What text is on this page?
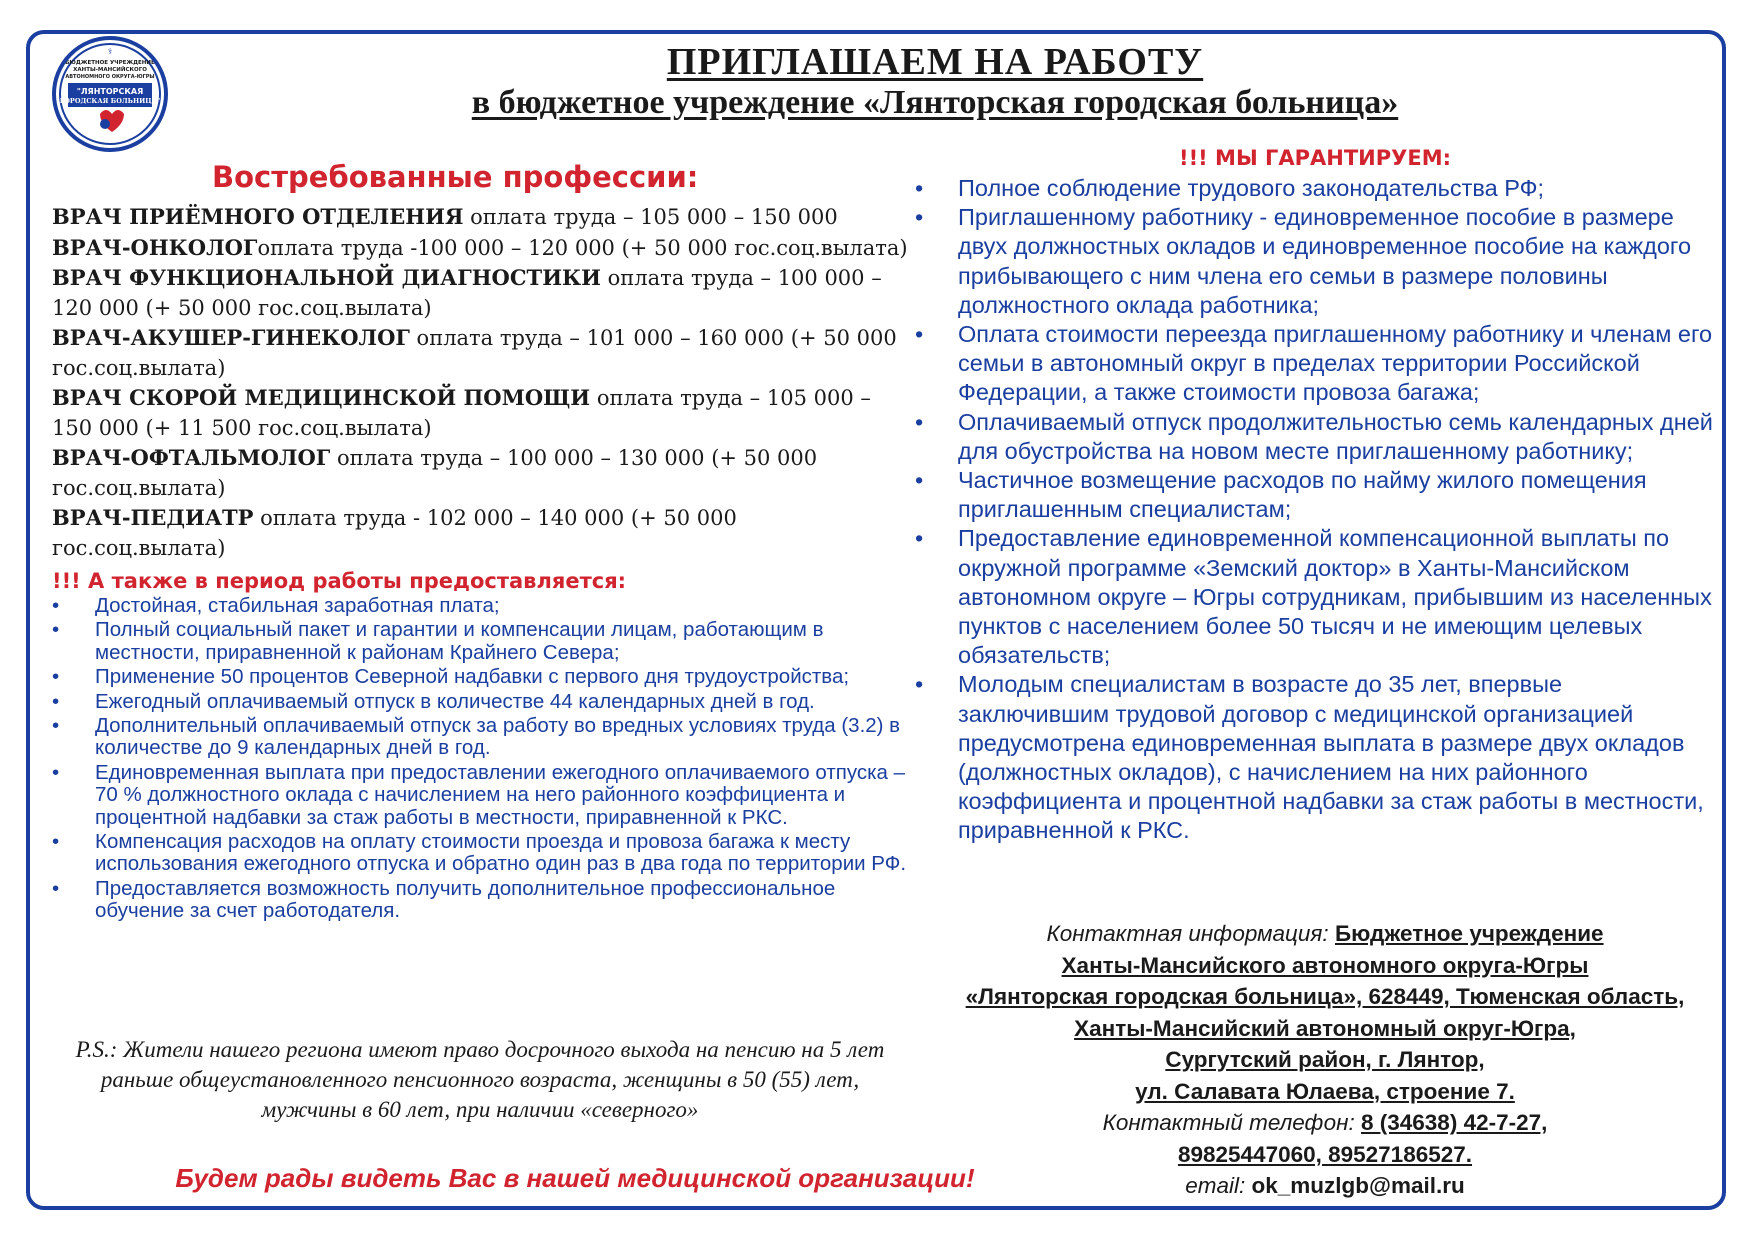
⚕
БЮДЖЕТНОЕ УЧРЕЖДЕНИЕ
ХАНТЫ-МАНСИЙСКОГО
АВТОНОМНОГО ОКРУГА-ЮГРЫ
"ЛЯНТОРСКАЯ
ГОРОДСКАЯ БОЛЬНИЦА"
ПРИГЛАШАЕМ НА РАБОТУ
в бюджетное учреждение «Лянторская городская больница»
Востребованные профессии:
ВРАЧ ПРИЁМНОГО ОТДЕЛЕНИЯ оплата труда – 105 000 – 150 000
ВРАЧ-ОНКОЛОГоплата труда -100 000 – 120 000 (+ 50 000 гос.соц.вылата)
ВРАЧ ФУНКЦИОНАЛЬНОЙ ДИАГНОСТИКИ оплата труда – 100 000 – 120 000 (+ 50 000 гос.соц.вылата)
ВРАЧ-АКУШЕР-ГИНЕКОЛОГ оплата труда – 101 000 – 160 000 (+ 50 000 гос.соц.вылата)
ВРАЧ СКОРОЙ МЕДИЦИНСКОЙ ПОМОЩИ оплата труда – 105 000 – 150 000 (+ 11 500 гос.соц.вылата)
ВРАЧ-ОФТАЛЬМОЛОГ оплата труда – 100 000 – 130 000 (+ 50 000 гос.соц.вылата)
ВРАЧ-ПЕДИАТР оплата труда - 102 000 – 140 000 (+ 50 000 гос.соц.вылата)
!!! А также в период работы предоставляется:
• Достойная, стабильная заработная плата;
• Полный социальный пакет и гарантии и компенсации лицам, работающим в местности, приравненной к районам Крайнего Севера;
• Применение 50 процентов Северной надбавки с первого дня трудоустройства;
• Ежегодный оплачиваемый отпуск в количестве 44 календарных дней в год.
• Дополнительный оплачиваемый отпуск за работу во вредных условиях труда (3.2) в количестве до 9 календарных дней в год.
• Единовременная выплата при предоставлении ежегодного оплачиваемого отпуска – 70 % должностного оклада с начислением на него районного коэффициента и процентной надбавки за стаж работы в местности, приравненной к РКС.
• Компенсация расходов на оплату стоимости проезда и провоза багажа к месту использования ежегодного отпуска и обратно один раз в два года по территории РФ.
• Предоставляется возможность получить дополнительное профессиональное обучение за счет работодателя.
P.S.: Жители нашего региона имеют право досрочного выхода на пенсию на 5 лет раньше общеустановленного пенсионного возраста, женщины в 50 (55) лет, мужчины в 60 лет, при наличии «северного»
Будем рады видеть Вас в нашей медицинской организации!
!!! МЫ ГАРАНТИРУЕМ:
• Полное соблюдение трудового законодательства РФ;
• Приглашенному работнику - единовременное пособие в размере двух должностных окладов и единовременное пособие на каждого прибывающего с ним члена его семьи в размере половины должностного оклада работника;
• Оплата стоимости переезда приглашенному работнику и членам его семьи в автономный округ в пределах территории Российской Федерации, а также стоимости провоза багажа;
• Оплачиваемый отпуск продолжительностью семь календарных дней для обустройства на новом месте приглашенному работнику;
• Частичное возмещение расходов по найму жилого помещения приглашенным специалистам;
• Предоставление единовременной компенсационной выплаты по окружной программе «Земский доктор» в Ханты-Мансийском автономном округе – Югры сотрудникам, прибывшим из населенных пунктов с населением более 50 тысяч и не имеющим целевых обязательств;
• Молодым специалистам в возрасте до 35 лет, впервые заключившим трудовой договор с медицинской организацией предусмотрена единовременная выплата в размере двух окладов (должностных окладов), с начислением на них районного коэффициента и процентной надбавки за стаж работы в местности, приравненной к РКС.
Контактная информация: Бюджетное учреждение
Ханты-Мансийского автономного округа-Югры
«Лянторская городская больница», 628449, Тюменская область,
Ханты-Мансийский автономный округ-Югра,
Сургутский район, г. Лянтор,
ул. Салавата Юлаева, строение 7.
Контактный телефон: 8 (34638) 42-7-27,
89825447060, 89527186527.
email: ok_muzlgb@mail.ru
